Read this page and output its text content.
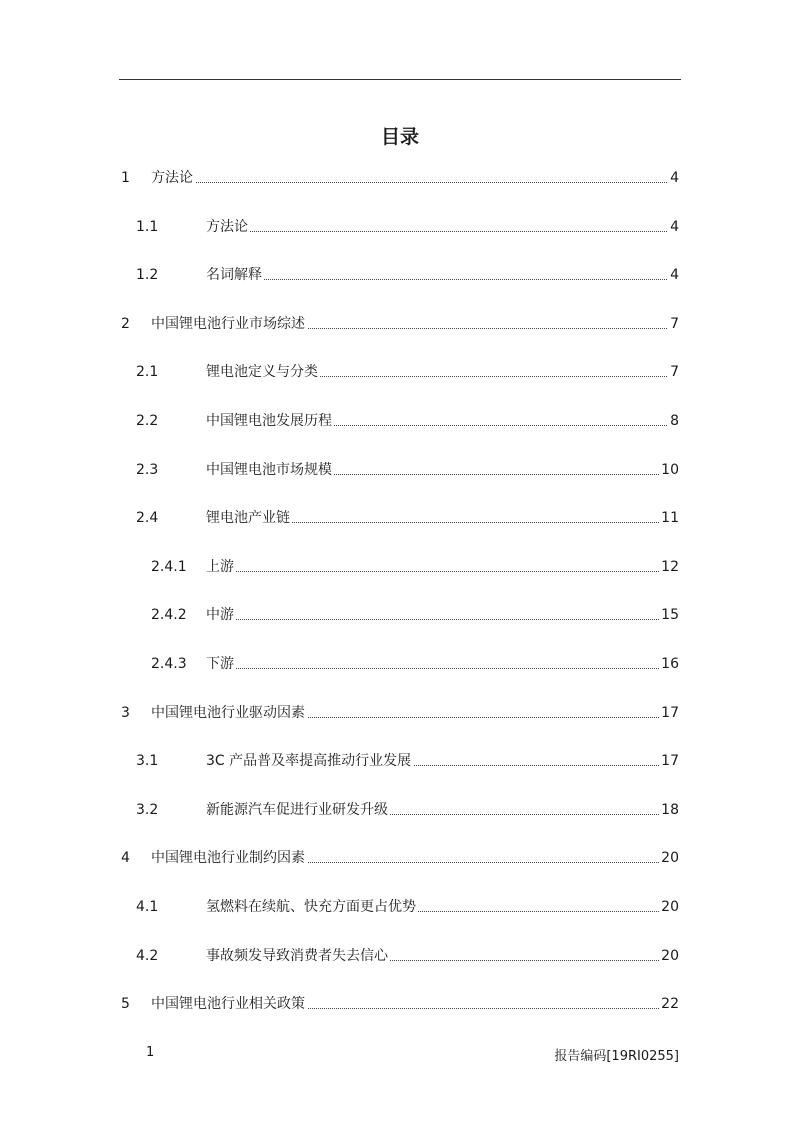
目录
1 方法论	4
1.1	方法论	4
1.2	名词解释	4
2 中国锂电池行业市场综述	7
2.1	锂电池定义与分类	7
2.2	中国锂电池发展历程	8
2.3	中国锂电池市场规模	10
2.4	锂电池产业链	11
2.4.1 上游	12
2.4.2 中游	15
2.4.3 下游	16
3 中国锂电池行业驱动因素	17
3.1	3C 产品普及率提高推动行业发展	17
3.2	新能源汽车促进行业研发升级	18
4 中国锂电池行业制约因素	20
4.1	氢燃料在续航、快充方面更占优势	20
4.2	事故频发导致消费者失去信心	20
5 中国锂电池行业相关政策	22
1	报告编码[19RI0255]
